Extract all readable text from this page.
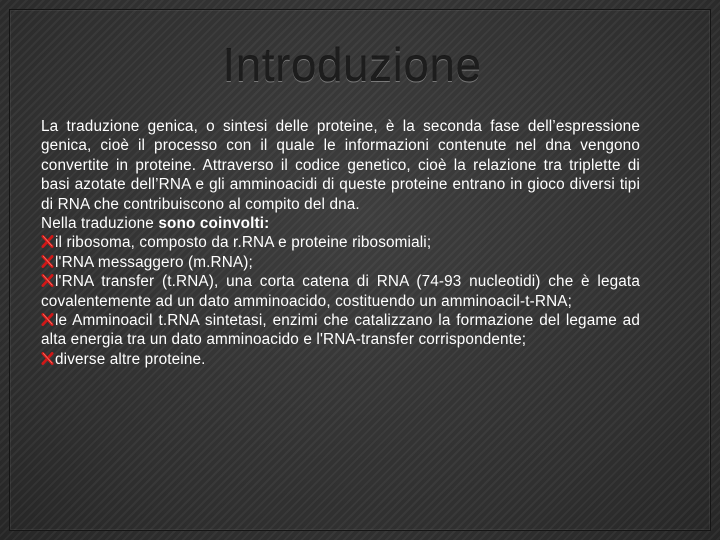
Introduzione

La traduzione genica, o sintesi delle proteine, è la seconda fase dell’espressione genica, cioè il processo con il quale le informazioni contenute nel dna vengono convertite in proteine. Attraverso il codice genetico, cioè la relazione tra triplette di basi azotate dell’RNA e gli amminoacidi di queste proteine entrano in gioco diversi tipi di RNA che contribuiscono al compito del dna.

Nella traduzione sono coinvolti:

il ribosoma, composto da r.RNA e proteine ribosomiali;

l'RNA messaggero (m.RNA);

l'RNA transfer (t.RNA), una corta catena di RNA (74-93 nucleotidi) che è legata covalentemente ad un dato amminoacido, costituendo un amminoacil-t-RNA;

le Amminoacil t.RNA sintetasi, enzimi che catalizzano la formazione del legame ad alta energia tra un dato amminoacido e l'RNA-transfer corrispondente;

diverse altre proteine.
